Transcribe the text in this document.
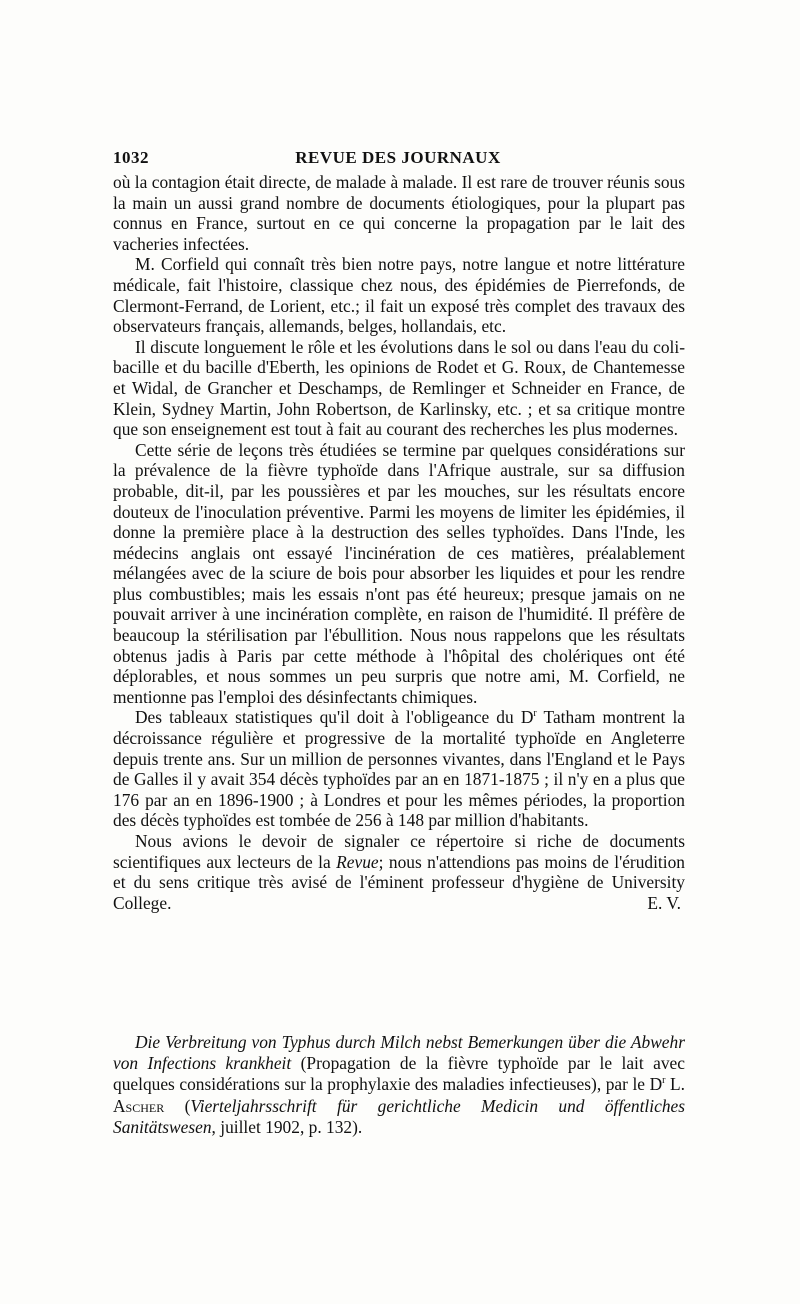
1032	REVUE DES JOURNAUX

où la contagion était directe, de malade à malade. Il est rare de trouver réunis sous la main un aussi grand nombre de documents étiologiques, pour la plupart pas connus en France, surtout en ce qui concerne la propagation par le lait des vacheries infectées.

M. Corfield qui connaît très bien notre pays, notre langue et notre littérature médicale, fait l'histoire, classique chez nous, des épidémies de Pierrefonds, de Clermont-Ferrand, de Lorient, etc.; il fait un exposé très complet des travaux des observateurs français, allemands, belges, hollandais, etc.

Il discute longuement le rôle et les évolutions dans le sol ou dans l'eau du coli-bacille et du bacille d'Eberth, les opinions de Rodet et G. Roux, de Chantemesse et Widal, de Grancher et Deschamps, de Remlinger et Schneider en France, de Klein, Sydney Martin, John Robertson, de Karlinsky, etc. ; et sa critique montre que son enseignement est tout à fait au courant des recherches les plus modernes.

Cette série de leçons très étudiées se termine par quelques considérations sur la prévalence de la fièvre typhoïde dans l'Afrique australe, sur sa diffusion probable, dit-il, par les poussières et par les mouches, sur les résultats encore douteux de l'inoculation préventive. Parmi les moyens de limiter les épidémies, il donne la première place à la destruction des selles typhoïdes. Dans l'Inde, les médecins anglais ont essayé l'incinération de ces matières, préalablement mélangées avec de la sciure de bois pour absorber les liquides et pour les rendre plus combustibles; mais les essais n'ont pas été heureux; presque jamais on ne pouvait arriver à une incinération complète, en raison de l'humidité. Il préfère de beaucoup la stérilisation par l'ébullition. Nous nous rappelons que les résultats obtenus jadis à Paris par cette méthode à l'hôpital des cholériques ont été déplorables, et nous sommes un peu surpris que notre ami, M. Corfield, ne mentionne pas l'emploi des désinfectants chimiques.

Des tableaux statistiques qu'il doit à l'obligeance du $D^r$ Tatham montrent la décroissance régulière et progressive de la mortalité typhoïde en Angleterre depuis trente ans. Sur un million de personnes vivantes, dans l'England et le Pays de Galles il y avait 354 décès typhoïdes par an en 1871-1875 ; il n'y en a plus que 176 par an en 1896-1900 ; à Londres et pour les mêmes périodes, la proportion des décès typhoïdes est tombée de 256 à 148 par million d'habitants.

Nous avions le devoir de signaler ce répertoire si riche de documents scientifiques aux lecteurs de la Revue; nous n'attendions pas moins de l'érudition et du sens critique très avisé de l'éminent professeur d'hygiène de University College.	E. V.

Die Verbreitung von Typhus durch Milch nebst Bemerkungen über die Abwehr von Infections krankheit (Propagation de la fièvre typhoïde par le lait avec quelques considérations sur la prophylaxie des maladies infectieuses), par le $D^r$ L. Ascher (Vierteljahrsschrift für gerichtliche Medicin und öffentliches Sanitätswesen, juillet 1902, p. 132).
